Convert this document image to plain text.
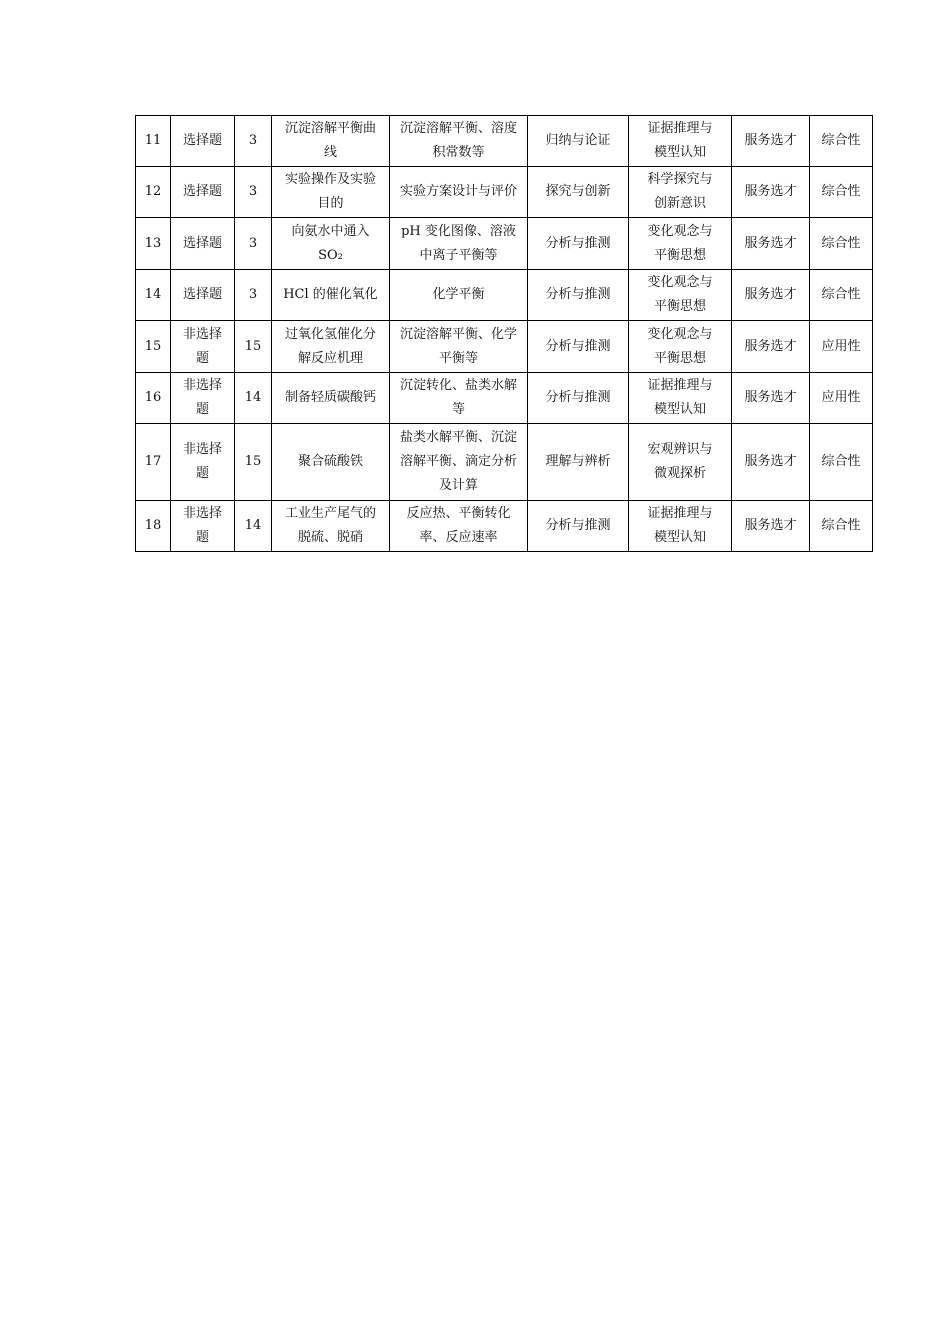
11	选择题	3	沉淀溶解平衡曲线	沉淀溶解平衡、溶度积常数等	归纳与论证	证据推理与模型认知	服务选才	综合性
12	选择题	3	实验操作及实验目的	实验方案设计与评价	探究与创新	科学探究与创新意识	服务选才	综合性
13	选择题	3	向氨水中通入SO₂	pH 变化图像、溶液中离子平衡等	分析与推测	变化观念与平衡思想	服务选才	综合性
14	选择题	3	HCl 的催化氧化	化学平衡	分析与推测	变化观念与平衡思想	服务选才	综合性
15	非选择题	15	过氧化氢催化分解反应机理	沉淀溶解平衡、化学平衡等	分析与推测	变化观念与平衡思想	服务选才	应用性
16	非选择题	14	制备轻质碳酸钙	沉淀转化、盐类水解等	分析与推测	证据推理与模型认知	服务选才	应用性
17	非选择题	15	聚合硫酸铁	盐类水解平衡、沉淀溶解平衡、滴定分析及计算	理解与辨析	宏观辨识与微观探析	服务选才	综合性
18	非选择题	14	工业生产尾气的脱硫、脱硝	反应热、平衡转化率、反应速率	分析与推测	证据推理与模型认知	服务选才	综合性
